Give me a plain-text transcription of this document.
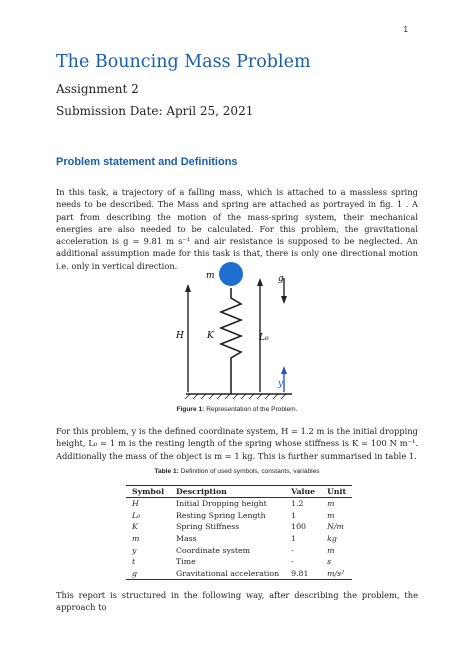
1
The Bouncing Mass Problem
Assignment 2
Submission Date: April 25, 2021
Problem statement and Definitions
In this task, a trajectory of a falling mass, which is attached to a massless spring needs to be described. The Mass and spring are attached as portrayed in fig. 1 . A part from describing the motion of the mass-spring system, their mechanical energies are also needed to be calculated. For this problem, the gravitational acceleration is g = 9.81 m s⁻¹ and air resistance is supposed to be neglected. An additional assumption made for this task is that, there is only one directional motion i.e. only in vertical direction.
m	g
H	K	L₀
y
Figure 1: Representation of the Problem.
For this problem, y is the defined coordinate system, H = 1.2 m is the initial dropping height, L₀ = 1 m is the resting length of the spring whose stiffness is K = 100 N m⁻¹. Additionally the mass of the object is m = 1 kg. This is further summarised in table 1.
Table 1: Definition of used symbols, constants, variables
Symbol	Description	Value	Unit
H	Initial Dropping height	1.2	m
L₀	Resting Spring Length	1	m
K	Spring Stiffness	100	N/m
m	Mass	1	kg
y	Coordinate system	-	m
t	Time	-	s
g	Gravitational acceleration	9.81	m/s²
This report is structured in the following way, after describing the problem, the approach to
